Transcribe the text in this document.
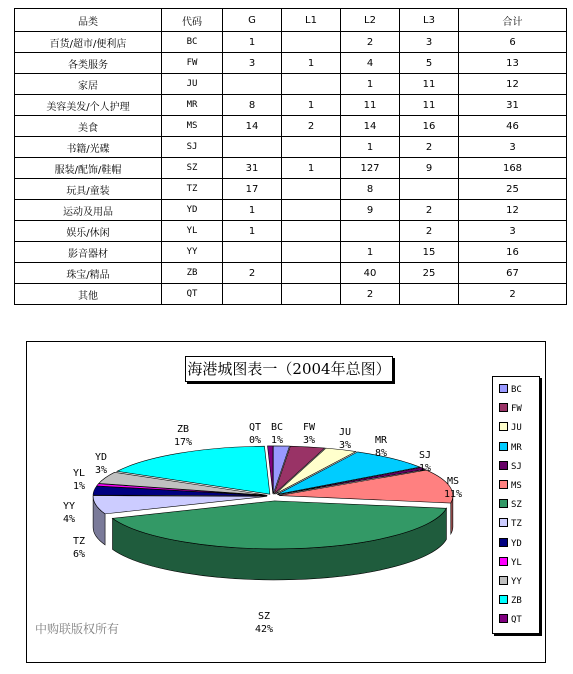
品类	代码	G	L1	L2	L3	合计
百货/超市/便利店	BC	1		2	3	6
各类服务	FW	3	1	4	5	13
家居	JU			1	11	12
美容美发/个人护理	MR	8	1	11	11	31
美食	MS	14	2	14	16	46
书籍/光碟	SJ			1	2	3
服装/配饰/鞋帽	SZ	31	1	127	9	168
玩具/童装	TZ	17		8		25
运动及用品	YD	1		9	2	12
娱乐/休闲	YL	1			2	3
影音器材	YY			1	15	16
珠宝/精品	ZB	2		40	25	67
其他	QT			2		2
BC
1%
FW
3%
JU
3% MR
8%	SJ
1%
MS
11%
SZ
42%
TZ
6%
YD
3%
YL
1%
YY
4%
ZB
17%
QT
0%
海港城图表一（2004年总图）
BC
FW
JU
MR
SJ
MS
SZ
TZ
YD
YL
YY
ZB
QT
中购联版权所有
